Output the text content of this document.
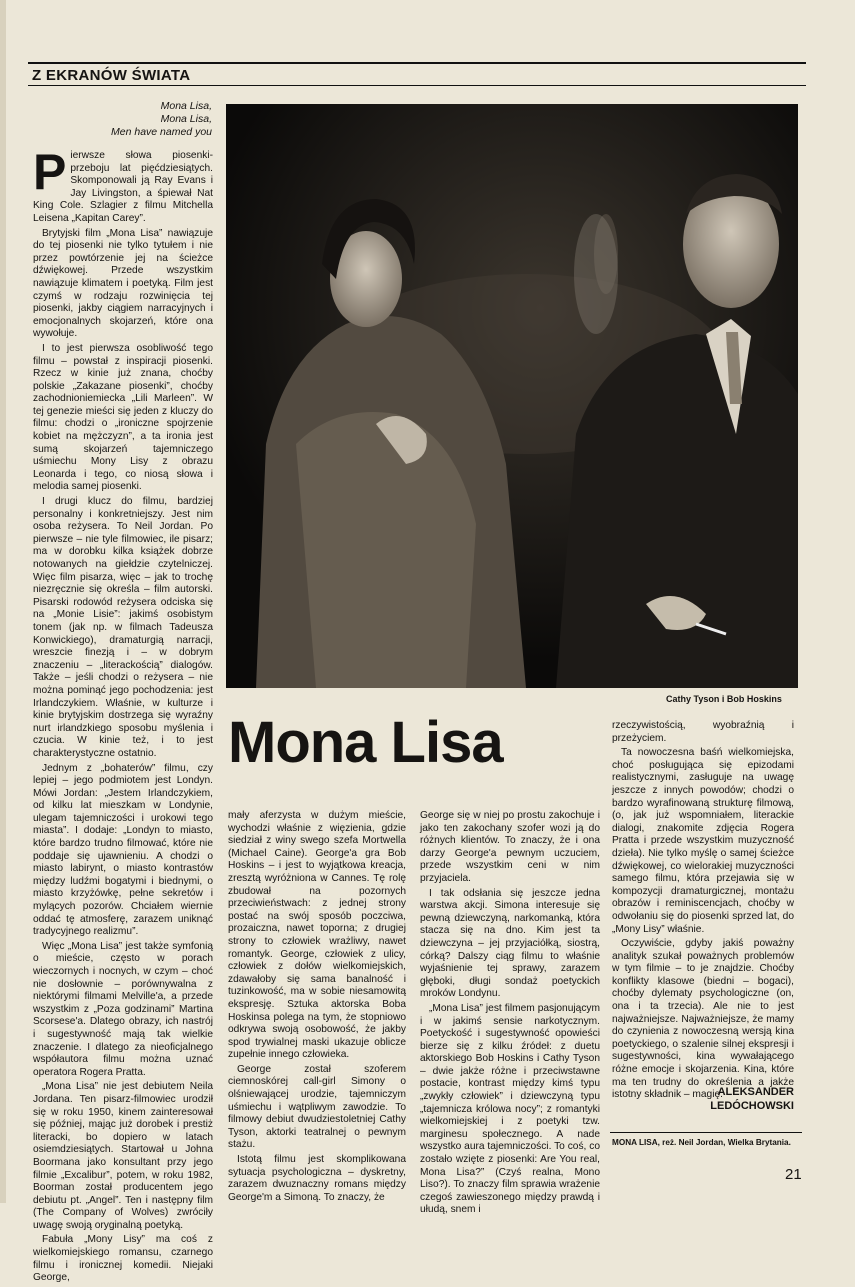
Z EKRANÓW ŚWIATA
Mona Lisa,
Mona Lisa,
Men have named you

Pierwsze słowa piosenki-przeboju lat pięćdziesiątych. Skomponowali ją Ray Evans i Jay Livingston, a śpiewał Nat King Cole. Szlagier z filmu Mitchella Leisena „Kapitan Carey”.

Brytyjski film „Mona Lisa” nawiązuje do tej piosenki nie tylko tytułem i nie przez powtórzenie jej na ścieżce dźwiękowej. Przede wszystkim nawiązuje klimatem i poetyką. Film jest czymś w rodzaju rozwinięcia tej piosenki, jakby ciągiem narracyjnych i emocjonalnych skojarzeń, które ona wywołuje.

I to jest pierwsza osobliwość tego filmu – powstał z inspiracji piosenki. Rzecz w kinie już znana, choćby polskie „Zakazane piosenki”, choćby zachodnioniemiecka „Lili Marleen”. W tej genezie mieści się jeden z kluczy do filmu: chodzi o „ironiczne spojrzenie kobiet na mężczyzn”, a ta ironia jest sumą skojarzeń tajemniczego uśmiechu Mony Lisy z obrazu Leonarda i tego, co niosą słowa i melodia samej piosenki.

I drugi klucz do filmu, bardziej personalny i konkretniejszy. Jest nim osoba reżysera. To Neil Jordan. Po pierwsze – nie tyle filmowiec, ile pisarz; ma w dorobku kilka książek dobrze notowanych na giełdzie czytelniczej. Więc film pisarza, więc – jak to trochę niezręcznie się określa – film autorski. Pisarski rodowód reżysera odciska się na „Monie Lisie”: jakimś osobistym tonem (jak np. w filmach Tadeusza Konwickiego), dramaturgią narracji, wreszcie finezją i – w dobrym znaczeniu – „literackością” dialogów. Także – jeśli chodzi o reżysera – nie można pominąć jego pochodzenia: jest Irlandczykiem. Właśnie, w kulturze i kinie brytyjskim dostrzega się wyraźny nurt irlandzkiego sposobu myślenia i czucia. W kinie też, i to jest charakterystyczne ostatnio.

Jednym z „bohaterów” filmu, czy lepiej – jego podmiotem jest Londyn. Mówi Jordan: „Jestem Irlandczykiem, od kilku lat mieszkam w Londynie, ulegam tajemniczości i urokowi tego miasta”. I dodaje: „Londyn to miasto, które bardzo trudno filmować, które nie poddaje się ujawnieniu. A chodzi o miasto labirynt, o miasto kontrastów między ludźmi bogatymi i biednymi, o miasto krzyżówkę, pełne sekretów i mylących pozorów. Chciałem wiernie oddać tę atmosferę, zarazem uniknąć tradycyjnego realizmu”.

Więc „Mona Lisa” jest także symfonią o mieście, często w porach wieczornych i nocnych, w czym – choć nie dosłownie – porównywalna z niektórymi filmami Melville'a, a przede wszystkim z „Poza godzinami” Martina Scorsese'a. Dlatego obrazy, ich nastrój i sugestywność mają tak wielkie znaczenie. I dlatego za nieoficjalnego współautora filmu można uznać operatora Rogera Pratta.

„Mona Lisa” nie jest debiutem Neila Jordana. Ten pisarz-filmowiec urodził się w roku 1950, kinem zainteresował się później, mając już dorobek i prestiż literacki, bo dopiero w latach osiemdziesiątych. Startował u Johna Boormana jako konsultant przy jego filmie „Excalibur”, potem, w roku 1982, Boorman został producentem jego debiutu pt. „Angel”. Ten i następny film (The Company of Wolves) zwróciły uwagę swoją oryginalną poetyką.

Fabuła „Mony Lisy” ma coś z wielkomiejskiego romansu, czarnego filmu i ironicznej komedii. Niejaki George,

Cathy Tyson i Bob Hoskins
Mona Lisa

mały aferzysta w dużym mieście, wychodzi właśnie z więzienia, gdzie siedział z winy swego szefa Mortwella (Michael Caine). George'a gra Bob Hoskins – i jest to wyjątkowa kreacja, zresztą wyróżniona w Cannes. Tę rolę zbudował na pozornych przeciwieństwach: z jednej strony postać na swój sposób poczciwa, prozaiczna, nawet toporna; z drugiej strony to człowiek wrażliwy, nawet romantyk. George, człowiek z ulicy, człowiek z dołów wielkomiejskich, zdawałoby się sama banalność i tuzinkowość, ma w sobie niesamowitą ekspresję. Sztuka aktorska Boba Hoskinsa polega na tym, że stopniowo odkrywa swoją osobowość, że jakby spod trywialnej maski ukazuje oblicze zupełnie innego człowieka.

George został szoferem ciemnoskórej call-girl Simony o olśniewającej urodzie, tajemniczym uśmiechu i wątpliwym zawodzie. To filmowy debiut dwudziestoletniej Cathy Tyson, aktorki teatralnej o pewnym stażu.

Istotą filmu jest skomplikowana sytuacja psychologiczna – dyskretny, zarazem dwuznaczny romans między George'm a Simoną. To znaczy, że

George się w niej po prostu zakochuje i jako ten zakochany szofer wozi ją do różnych klientów. To znaczy, że i ona darzy George'a pewnym uczuciem, przede wszystkim ceni w nim przyjaciela.

I tak odsłania się jeszcze jedna warstwa akcji. Simona interesuje się pewną dziewczyną, narkomanką, która stacza się na dno. Kim jest ta dziewczyna – jej przyjaciółką, siostrą, córką? Dalszy ciąg filmu to właśnie wyjaśnienie tej sprawy, zarazem głęboki, długi sondaż poetyckich mroków Londynu.

„Mona Lisa” jest filmem pasjonującym i w jakimś sensie narkotycznym. Poetyckość i sugestywność opowieści bierze się z kilku źródeł: z duetu aktorskiego Bob Hoskins i Cathy Tyson – dwie jakże różne i przeciwstawne postacie, kontrast między kimś typu „zwykły człowiek” i dziewczyną typu „tajemnicza królowa nocy”; z romantyki wielkomiejskiej i z poetyki tzw. marginesu społecznego. A nade wszystko aura tajemniczości. To coś, co zostało wzięte z piosenki: Are You real, Mona Lisa?” (Czyś realna, Mono Liso?). To znaczy film sprawia wrażenie czegoś zawieszonego między prawdą i ułudą, snem i

rzeczywistością, wyobraźnią i przeżyciem.

Ta nowoczesna baśń wielkomiejska, choć posługująca się epizodami realistycznymi, zasługuje na uwagę jeszcze z innych powodów; chodzi o bardzo wyrafinowaną strukturę filmową, (o, jak już wspomniałem, literackie dialogi, znakomite zdjęcia Rogera Pratta i przede wszystkim muzyczność dzieła). Nie tylko myślę o samej ścieżce dźwiękowej, co wielorakiej muzyczności samego filmu, która przejawia się w kompozycji dramaturgicznej, montażu obrazów i reminiscencjach, choćby w odwołaniu się do piosenki sprzed lat, do „Mony Lisy” właśnie.

Oczywiście, gdyby jakiś poważny analityk szukał poważnych problemów w tym filmie – to je znajdzie. Choćby konflikty klasowe (biedni – bogaci), choćby dylematy psychologiczne (on, ona i ta trzecia). Ale nie to jest najważniejsze. Najważniejsze, że mamy do czynienia z nowoczesną wersją kina poetyckiego, o szalenie silnej ekspresji i sugestywności, kina wywałającego różne emocje i skojarzenia. Kina, które ma ten trudny do określenia a jakże istotny składnik – magię.

ALEKSANDER
LEDÓCHOWSKI
MONA LISA, reż. Neil Jordan, Wielka Brytania.
21
